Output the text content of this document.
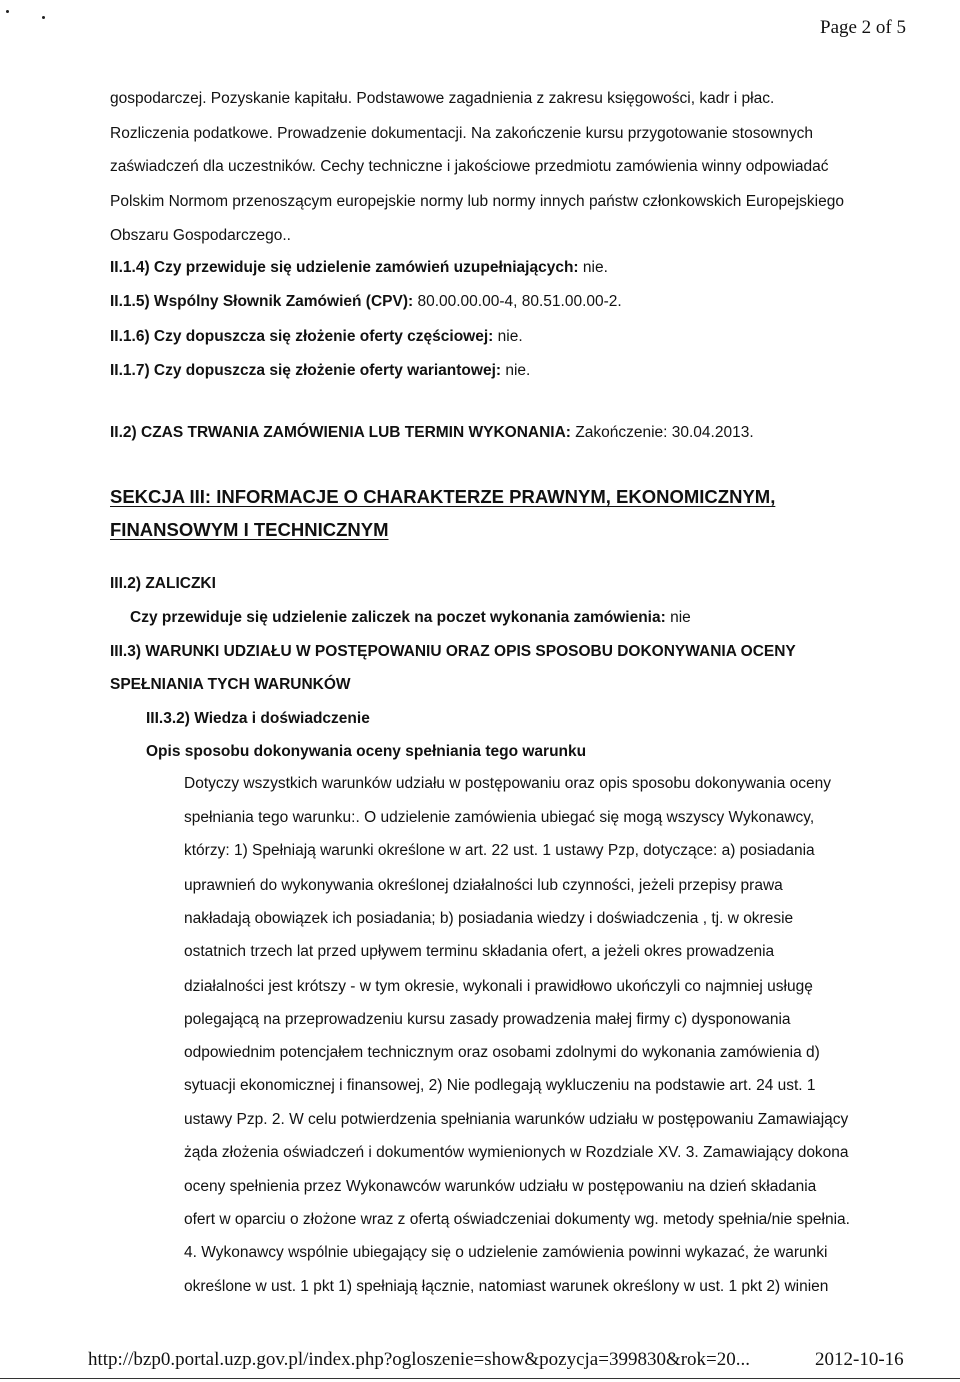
Page 2 of 5
gospodarczej. Pozyskanie kapitału. Podstawowe zagadnienia z zakresu księgowości, kadr i płac.
Rozliczenia podatkowe. Prowadzenie dokumentacji. Na zakończenie kursu przygotowanie stosownych
zaświadczeń dla uczestników. Cechy techniczne i jakościowe przedmiotu zamówienia winny odpowiadać
Polskim Normom przenoszącym europejskie normy lub normy innych państw członkowskich Europejskiego
Obszaru Gospodarczego..
II.1.4) Czy przewiduje się udzielenie zamówień uzupełniających: nie.
II.1.5) Wspólny Słownik Zamówień (CPV): 80.00.00.00-4, 80.51.00.00-2.
II.1.6) Czy dopuszcza się złożenie oferty częściowej: nie.
II.1.7) Czy dopuszcza się złożenie oferty wariantowej: nie.
II.2) CZAS TRWANIA ZAMÓWIENIA LUB TERMIN WYKONANIA: Zakończenie: 30.04.2013.
SEKCJA III: INFORMACJE O CHARAKTERZE PRAWNYM, EKONOMICZNYM,
FINANSOWYM I TECHNICZNYM
III.2) ZALICZKI
Czy przewiduje się udzielenie zaliczek na poczet wykonania zamówienia: nie
III.3) WARUNKI UDZIAŁU W POSTĘPOWANIU ORAZ OPIS SPOSOBU DOKONYWANIA OCENY
SPEŁNIANIA TYCH WARUNKÓW
III.3.2) Wiedza i doświadczenie
Opis sposobu dokonywania oceny spełniania tego warunku
Dotyczy wszystkich warunków udziału w postępowaniu oraz opis sposobu dokonywania oceny
spełniania tego warunku:. O udzielenie zamówienia ubiegać się mogą wszyscy Wykonawcy,
którzy: 1) Spełniają warunki określone w art. 22 ust. 1 ustawy Pzp, dotyczące: a) posiadania
uprawnień do wykonywania określonej działalności lub czynności, jeżeli przepisy prawa
nakładają obowiązek ich posiadania; b) posiadania wiedzy i doświadczenia , tj. w okresie
ostatnich trzech lat przed upływem terminu składania ofert, a jeżeli okres prowadzenia
działalności jest krótszy - w tym okresie, wykonali i prawidłowo ukończyli co najmniej usługę
polegającą na przeprowadzeniu kursu zasady prowadzenia małej firmy c) dysponowania
odpowiednim potencjałem technicznym oraz osobami zdolnymi do wykonania zamówienia d)
sytuacji ekonomicznej i finansowej, 2) Nie podlegają wykluczeniu na podstawie art. 24 ust. 1
ustawy Pzp. 2. W celu potwierdzenia spełniania warunków udziału w postępowaniu Zamawiający
żąda złożenia oświadczeń i dokumentów wymienionych w Rozdziale XV. 3. Zamawiający dokona
oceny spełnienia przez Wykonawców warunków udziału w postępowaniu na dzień składania
ofert w oparciu o złożone wraz z ofertą oświadczeniai dokumenty wg. metody spełnia/nie spełnia.
4. Wykonawcy wspólnie ubiegający się o udzielenie zamówienia powinni wykazać, że warunki
określone w ust. 1 pkt 1) spełniają łącznie, natomiast warunek określony w ust. 1 pkt 2) winien
http://bzp0.portal.uzp.gov.pl/index.php?ogloszenie=show&pozycja=399830&rok=20...	2012-10-16
